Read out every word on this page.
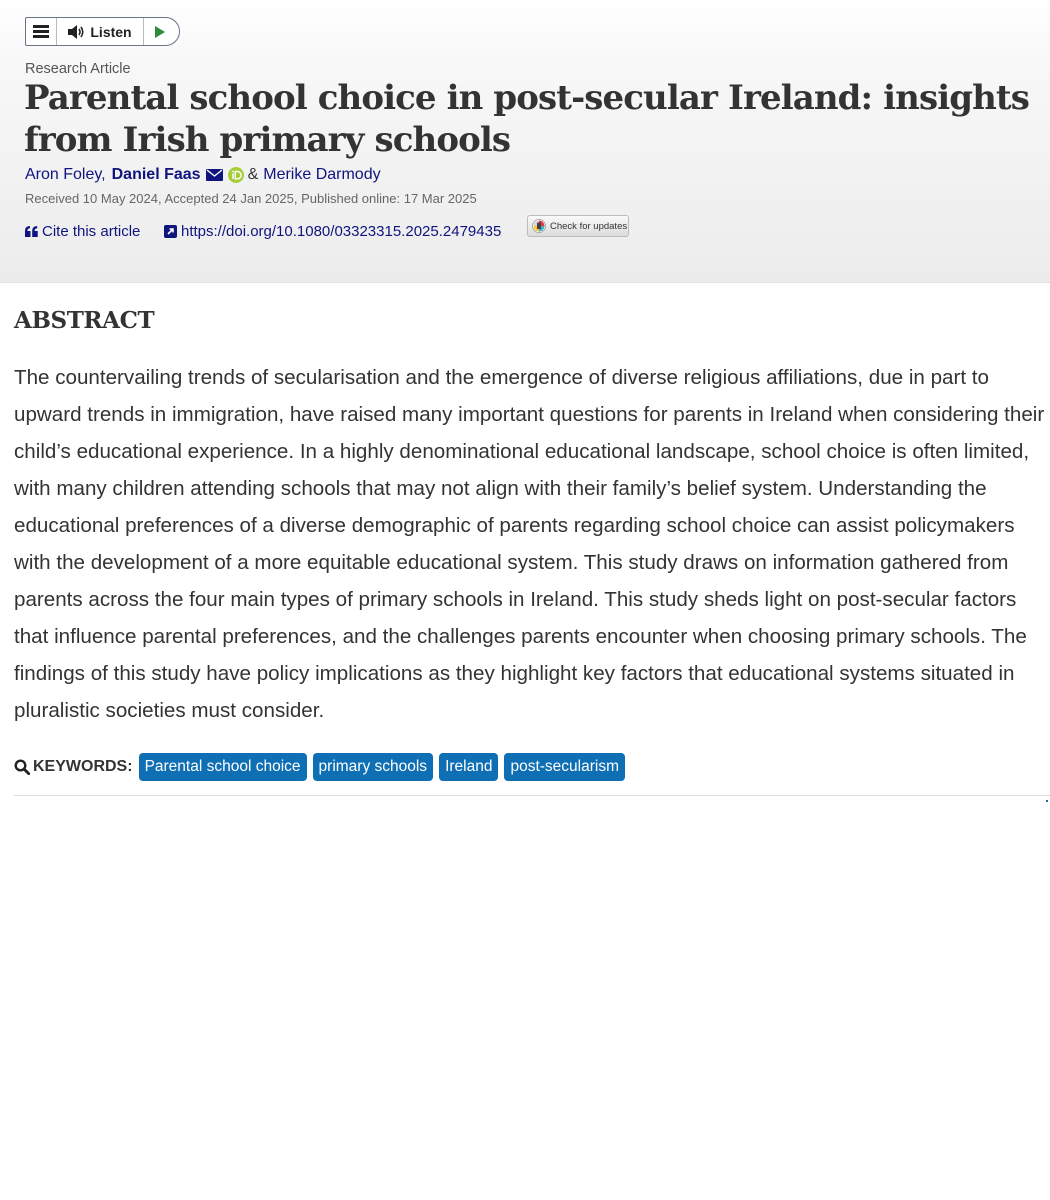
Listen
Research Article
Parental school choice in post-secular Ireland: insights from Irish primary schools
Aron Foley, Daniel Faas	& Merike Darmody
Received 10 May 2024, Accepted 24 Jan 2025, Published online: 17 Mar 2025
Cite this article	https://doi.org/10.1080/03323315.2025.2479435	Check for updates
ABSTRACT

The countervailing trends of secularisation and the emergence of diverse religious affiliations, due in part to upward trends in immigration, have raised many important questions for parents in Ireland when considering their child’s educational experience. In a highly denominational educational landscape, school choice is often limited, with many children attending schools that may not align with their family’s belief system. Understanding the educational preferences of a diverse demographic of parents regarding school choice can assist policymakers with the development of a more equitable educational system. This study draws on information gathered from parents across the four main types of primary schools in Ireland. This study sheds light on post-secular factors that influence parental preferences, and the challenges parents encounter when choosing primary schools. The findings of this study have policy implications as they highlight key factors that educational systems situated in pluralistic societies must consider.

KEYWORDS: Parental school choice	primary schools	Ireland	post-secularism
